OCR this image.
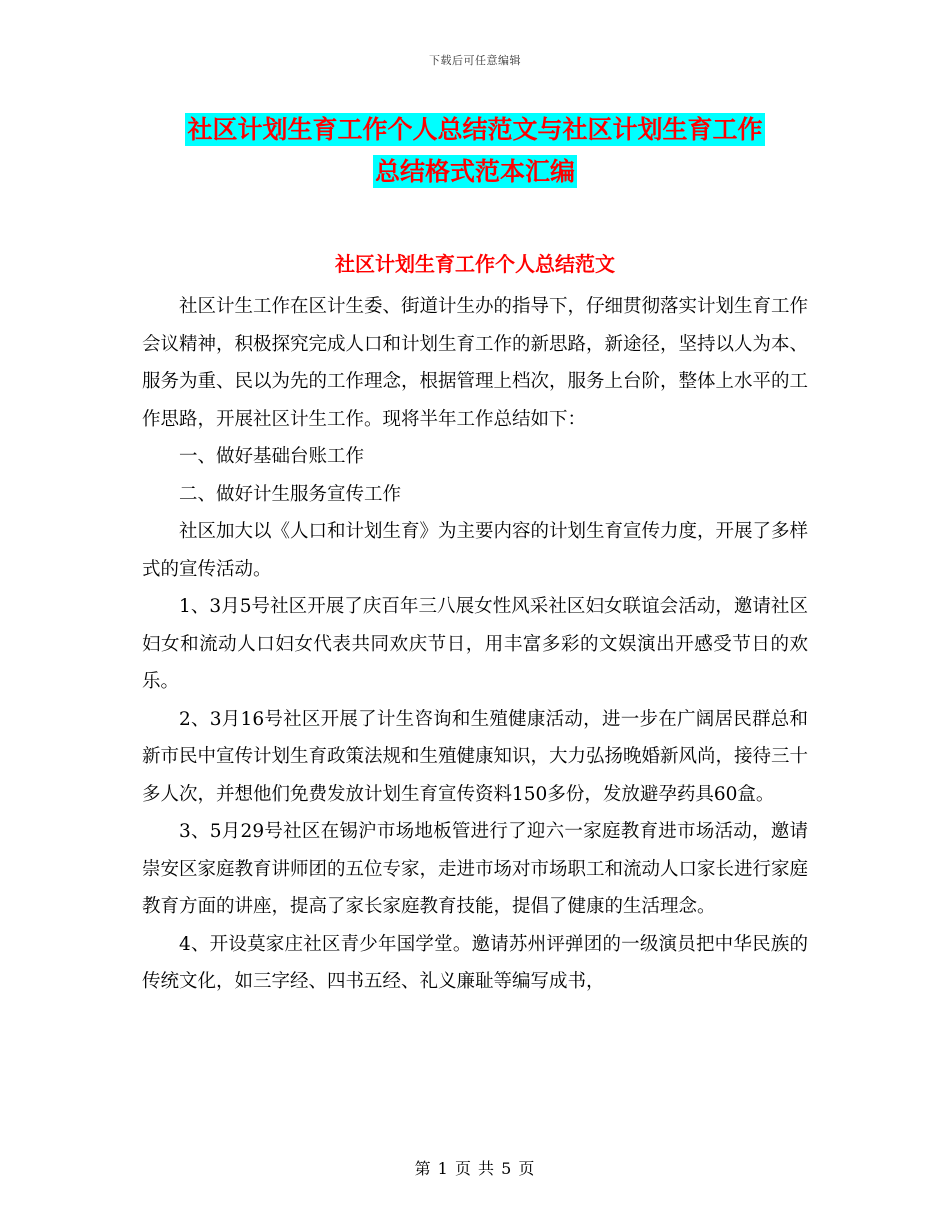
下载后可任意编辑
社区计划生育工作个人总结范文与社区计划生育工作
总结格式范本汇编
社区计划生育工作个人总结范文

社区计生工作在区计生委、街道计生办的指导下，仔细贯彻落实计划生育工作会议精神，积极探究完成人口和计划生育工作的新思路，新途径，坚持以人为本、服务为重、民以为先的工作理念，根据管理上档次，服务上台阶，整体上水平的工作思路，开展社区计生工作。现将半年工作总结如下：

一、做好基础台账工作

二、做好计生服务宣传工作

社区加大以《人口和计划生育》为主要内容的计划生育宣传力度，开展了多样式的宣传活动。

1、3月5号社区开展了庆百年三八展女性风采社区妇女联谊会活动，邀请社区妇女和流动人口妇女代表共同欢庆节日，用丰富多彩的文娱演出开感受节日的欢乐。

2、3月16号社区开展了计生咨询和生殖健康活动，进一步在广阔居民群总和新市民中宣传计划生育政策法规和生殖健康知识，大力弘扬晚婚新风尚，接待三十多人次，并想他们免费发放计划生育宣传资料150多份，发放避孕药具60盒。

3、5月29号社区在锡沪市场地板管进行了迎六一家庭教育进市场活动，邀请崇安区家庭教育讲师团的五位专家，走进市场对市场职工和流动人口家长进行家庭教育方面的讲座，提高了家长家庭教育技能，提倡了健康的生活理念。

4、开设莫家庄社区青少年国学堂。邀请苏州评弹团的一级演员把中华民族的传统文化，如三字经、四书五经、礼义廉耻等编写成书，

第 1 页 共 5 页
